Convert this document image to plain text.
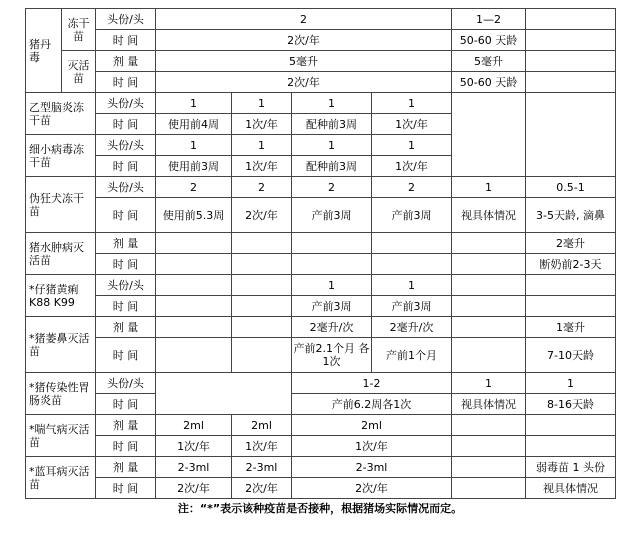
猪丹毒	冻干苗	头份/头	2				1—2	
		时 间	2次/年				50-60 天龄	
	灭活苗	剂 量	5毫升				5毫升	
		时 间	2次/年				50-60 天龄	
乙型脑炎冻干苗		头份/头	1	1	1	1		
		时 间	使用前4周	1次/年	配种前3周	1次/年		
细小病毒冻干苗		头份/头	1	1	1	1		
		时 间	使用前3周	1次/年	配种前3周	1次/年		
伪狂犬冻干苗		头份/头	2	2	2	2	1	0.5-1
		时 间	使用前5.3周	2次/年	产前3周	产前3周	视具体情况	3-5天龄, 滴鼻
猪水肿病灭活苗		剂 量						2毫升
		时 间						断奶前2-3天
*仔猪黄痢 K88 K99		头份/头			1	1		
		时 间			产前3周	产前3周		
*猪萎鼻灭活苗		剂 量			2毫升/次	2毫升/次		1毫升
		时 间			产前2.1个月 各1次	产前1个月		7-10天龄
*猪传染性胃肠炎苗		头份/头			1-2		1	1
		时 间			产前6.2周各1次		视具体情况	8-16天龄
*喘气病灭活苗		剂 量	2ml	2ml	2ml			
		时 间	1次/年	1次/年	1次/年			
*蓝耳病灭活苗		剂 量	2-3ml	2-3ml	2-3ml			弱毒苗 1 头份
		时 间	2次/年	2次/年	2次/年			视具体情况
注：“*”表示该种疫苗是否接种，根据猪场实际情况而定。
